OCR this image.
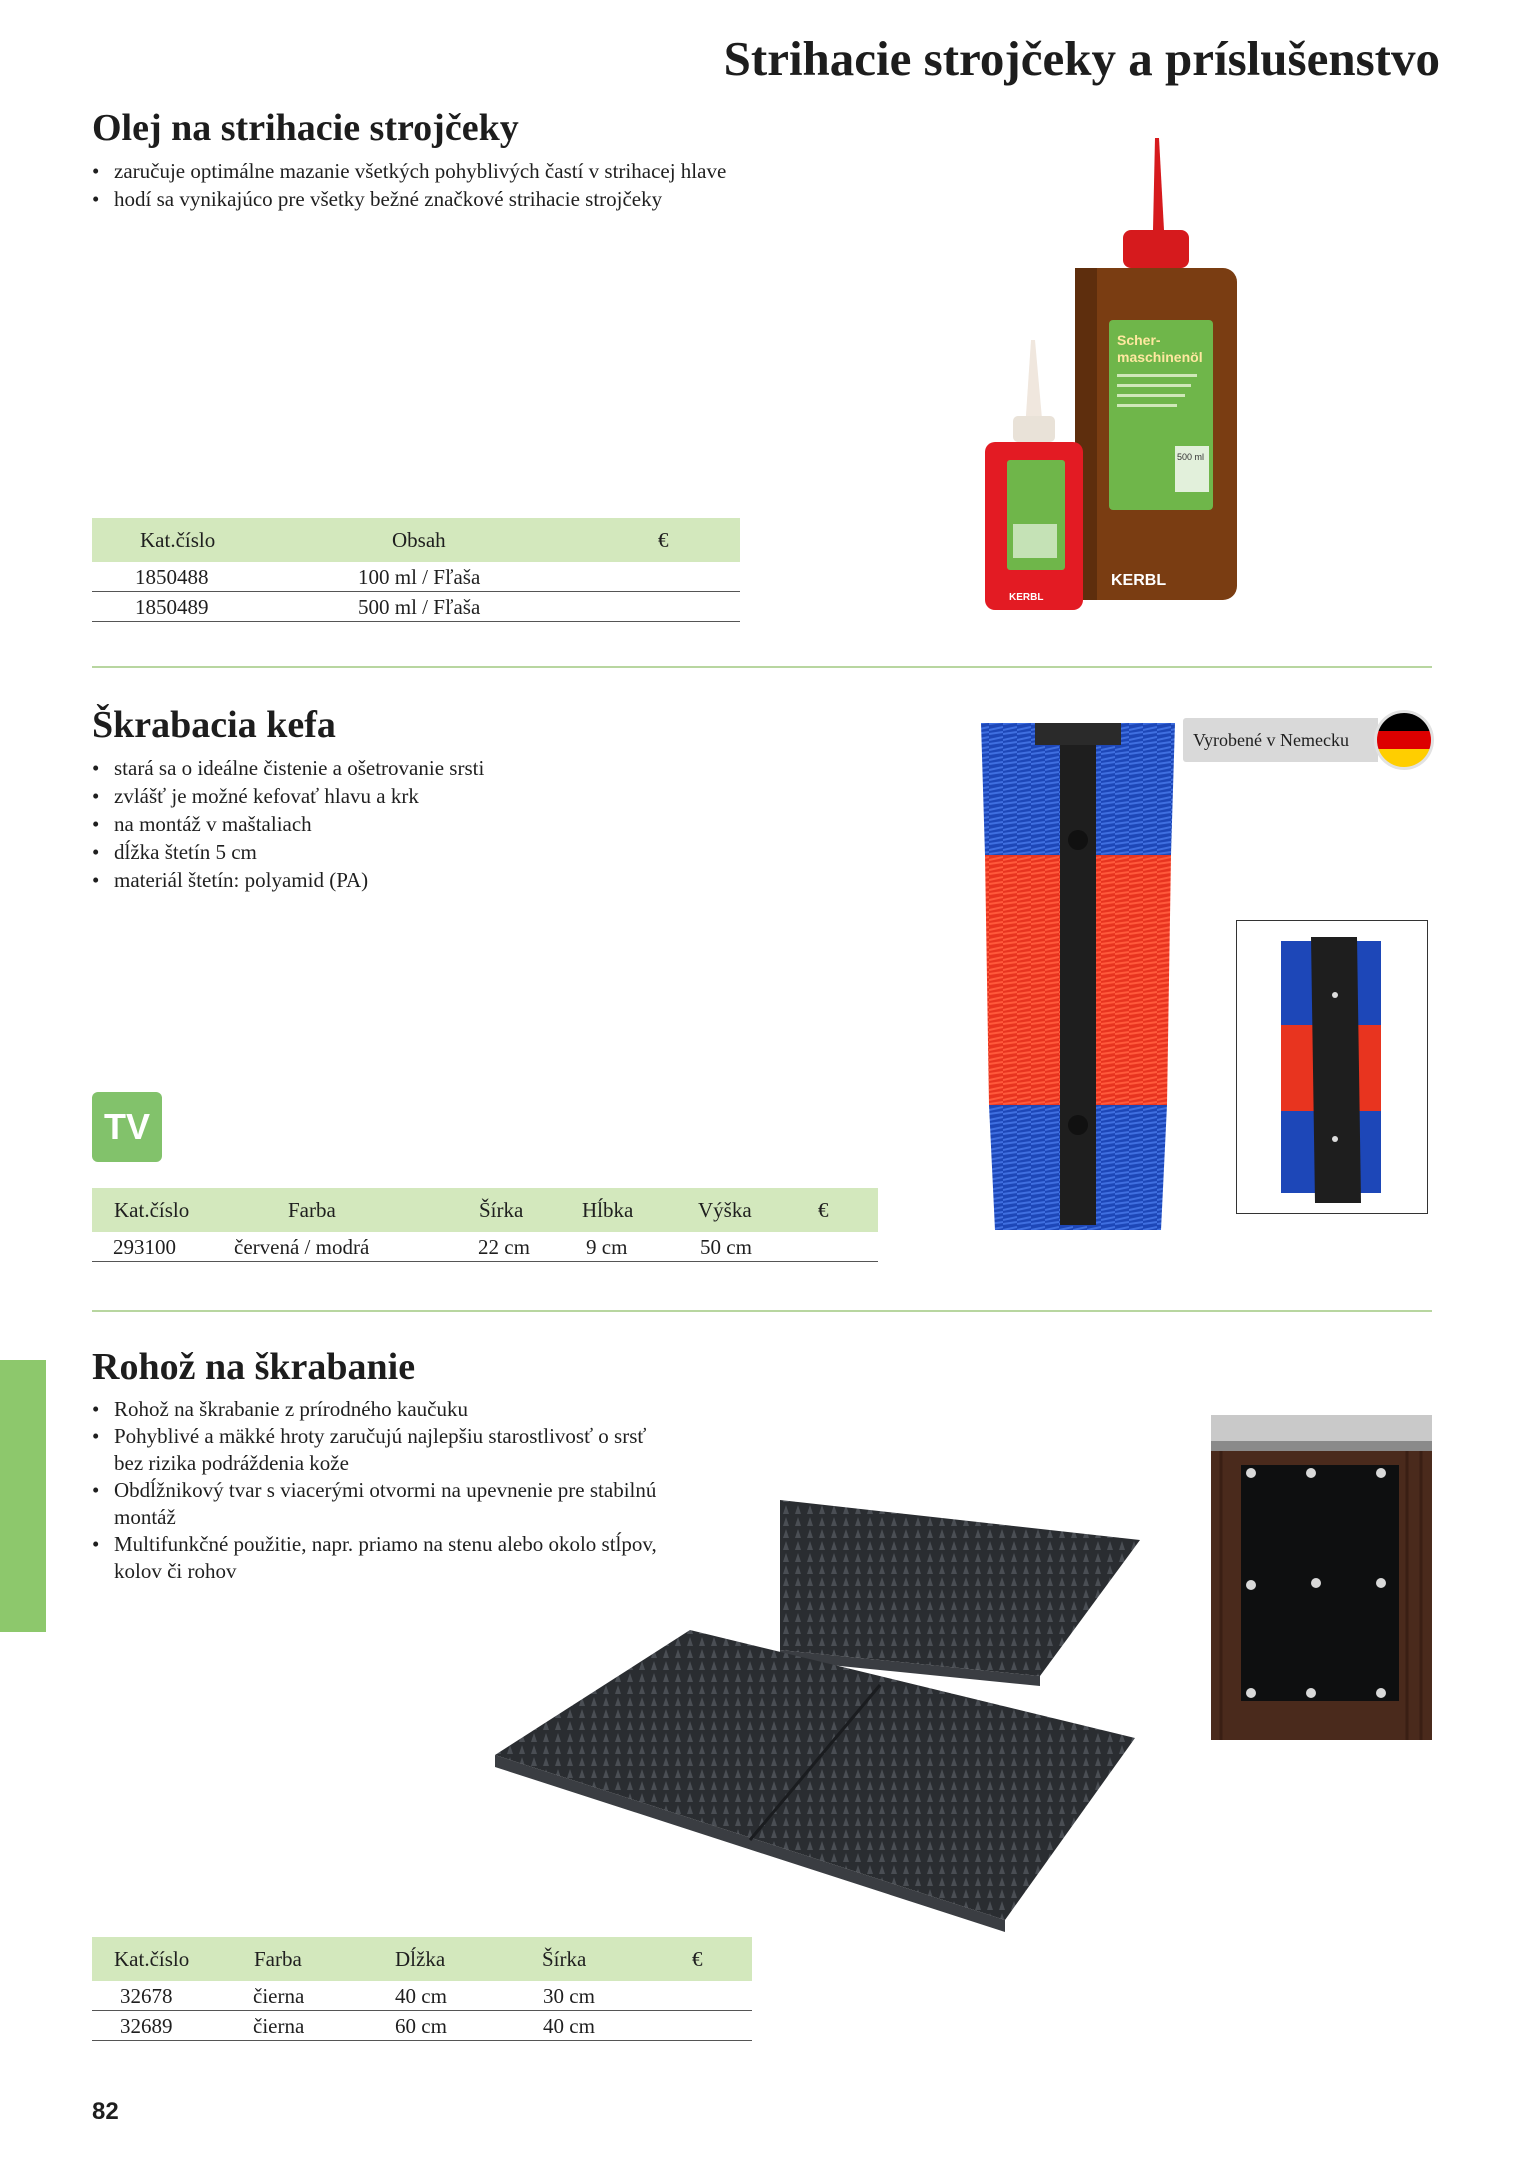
Strihacie strojčeky a príslušenstvo
Olej na strihacie strojčeky
• zaručuje optimálne mazanie všetkých pohyblivých častí v strihacej hlave
• hodí sa vynikajúco pre všetky bežné značkové strihacie strojčeky
Kat.číslo	Obsah	€
1850488	100 ml / Fľaša
1850489	500 ml / Fľaša
Scher-
maschinenöl
500 ml
KERBL
KERBL
Škrabacia kefa
• stará sa o ideálne čistenie a ošetrovanie srsti
• zvlášť je možné kefovať hlavu a krk
• na montáž v maštaliach
• dĺžka štetín 5 cm
• materiál štetín: polyamid (PA)
TV
Kat.číslo	Farba	Šírka	Hĺbka	Výška	€
293100	červená / modrá	22 cm	9 cm	50 cm
Vyrobené v Nemecku
Rohož na škrabanie
• Rohož na škrabanie z prírodného kaučuku
• Pohyblivé a mäkké hroty zaručujú najlepšiu starostlivosť o srsť bez rizika podráždenia kože
• Obdĺžnikový tvar s viacerými otvormi na upevnenie pre stabilnú montáž
• Multifunkčné použitie, napr. priamo na stenu alebo okolo stĺpov, kolov či rohov
Kat.číslo	Farba	Dĺžka	Šírka	€
32678	čierna	40 cm	30 cm
32689	čierna	60 cm	40 cm
82
